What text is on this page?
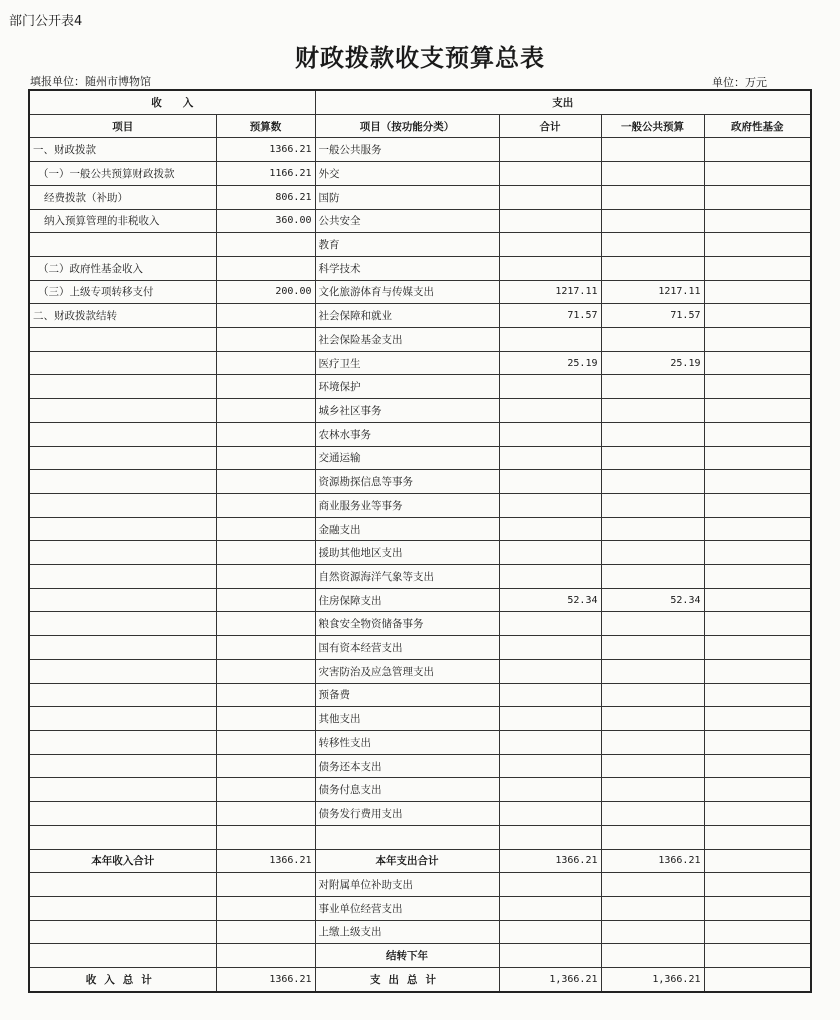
部门公开表4
财政拨款收支预算总表
填报单位：随州市博物馆	单位：万元
收　　入		支出			
项目	预算数	项目（按功能分类）	合计	一般公共预算	政府性基金
一、财政拨款	1366.21	一般公共服务			
（一）一般公共预算财政拨款	1166.21	外交			
经费拨款（补助）	806.21	国防			
纳入预算管理的非税收入	360.00	公共安全			
		教育			
（二）政府性基金收入		科学技术			
（三）上级专项转移支付	200.00	文化旅游体育与传媒支出	1217.11	1217.11	
二、财政拨款结转		社会保障和就业	71.57	71.57	
		社会保险基金支出			
		医疗卫生	25.19	25.19	
		环境保护			
		城乡社区事务			
		农林水事务			
		交通运输			
		资源勘探信息等事务			
		商业服务业等事务			
		金融支出			
		援助其他地区支出			
		自然资源海洋气象等支出			
		住房保障支出	52.34	52.34	
		粮食安全物资储备事务			
		国有资本经营支出			
		灾害防治及应急管理支出			
		预备费			
		其他支出			
		转移性支出			
		债务还本支出			
		债务付息支出			
		债务发行费用支出			

本年收入合计	1366.21	本年支出合计	1366.21	1366.21	
		对附属单位补助支出			
		事业单位经营支出			
		上缴上级支出			
		结转下年			
收入总计	1366.21	支出总计	1,366.21	1,366.21	
